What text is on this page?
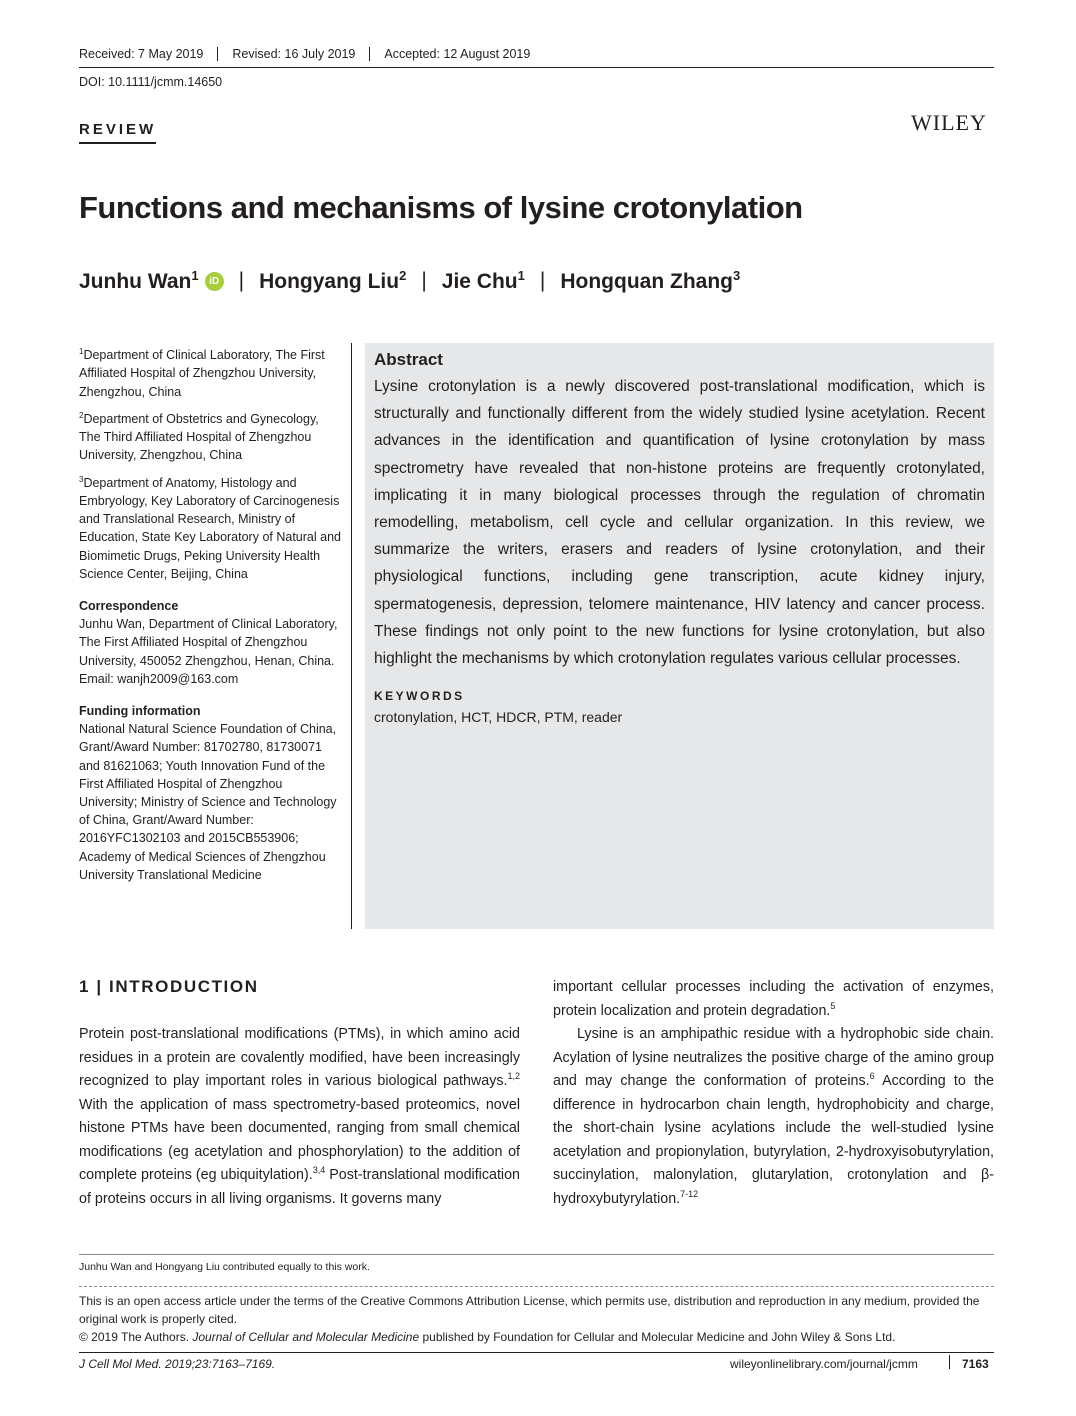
Received: 7 May 2019	Revised: 16 July 2019	Accepted: 12 August 2019
DOI: 10.1111/jcmm.14650
REVIEW	WILEY
Functions and mechanisms of lysine crotonylation
Junhu Wan$^1$	iD | Hongyang Liu$^2$ | Jie Chu$^1$ | Hongquan Zhang$^3$

$^1$Department of Clinical Laboratory, The First Affiliated Hospital of Zhengzhou University, Zhengzhou, China

$^2$Department of Obstetrics and Gynecology, The Third Affiliated Hospital of Zhengzhou University, Zhengzhou, China

$^3$Department of Anatomy, Histology and Embryology, Key Laboratory of Carcinogenesis and Translational Research, Ministry of Education, State Key Laboratory of Natural and Biomimetic Drugs, Peking University Health Science Center, Beijing, China

Correspondence

Junhu Wan, Department of Clinical Laboratory, The First Affiliated Hospital of Zhengzhou University, 450052 Zhengzhou, Henan, China.

Email: wanjh2009@163.com

Funding information

National Natural Science Foundation of China, Grant/Award Number: 81702780, 81730071 and 81621063; Youth Innovation Fund of the First Affiliated Hospital of Zhengzhou University; Ministry of Science and Technology of China, Grant/Award Number: 2016YFC1302103 and 2015CB553906; Academy of Medical Sciences of Zhengzhou University Translational Medicine

Abstract
Lysine crotonylation is a newly discovered post-translational modification, which is structurally and functionally different from the widely studied lysine acetylation. Recent advances in the identification and quantification of lysine crotonylation by mass spectrometry have revealed that non-histone proteins are frequently crotonylated, implicating it in many biological processes through the regulation of chromatin remodelling, metabolism, cell cycle and cellular organization. In this review, we summarize the writers, erasers and readers of lysine crotonylation, and their physiological functions, including gene transcription, acute kidney injury, spermatogenesis, depression, telomere maintenance, HIV latency and cancer process. These findings not only point to the new functions for lysine crotonylation, but also highlight the mechanisms by which crotonylation regulates various cellular processes.
KEYWORDS
crotonylation, HCT, HDCR, PTM, reader
1 | INTRODUCTION

Protein post-translational modifications (PTMs), in which amino acid residues in a protein are covalently modified, have been increasingly recognized to play important roles in various biological pathways.$^{1,2}$ With the application of mass spectrometry-based proteomics, novel histone PTMs have been documented, ranging from small chemical modifications (eg acetylation and phosphorylation) to the addition of complete proteins (eg ubiquitylation).$^{3,4}$ Post-translational modification of proteins occurs in all living organisms. It governs many

important cellular processes including the activation of enzymes, protein localization and protein degradation.$^5$

Lysine is an amphipathic residue with a hydrophobic side chain. Acylation of lysine neutralizes the positive charge of the amino group and may change the conformation of proteins.$^6$ According to the difference in hydrocarbon chain length, hydrophobicity and charge, the short-chain lysine acylations include the well-studied lysine acetylation and propionylation, butyrylation, 2-hydroxyisobutyrylation, succinylation, malonylation, glutarylation, crotonylation and β-hydroxybutyrylation.$^{7-12}$

Junhu Wan and Hongyang Liu contributed equally to this work.

This is an open access article under the terms of the Creative Commons Attribution License, which permits use, distribution and reproduction in any medium, provided the original work is properly cited.

© 2019 The Authors. Journal of Cellular and Molecular Medicine published by Foundation for Cellular and Molecular Medicine and John Wiley & Sons Ltd.

J Cell Mol Med. 2019;23:7163–7169.	wileyonlinelibrary.com/journal/jcmm	7163
